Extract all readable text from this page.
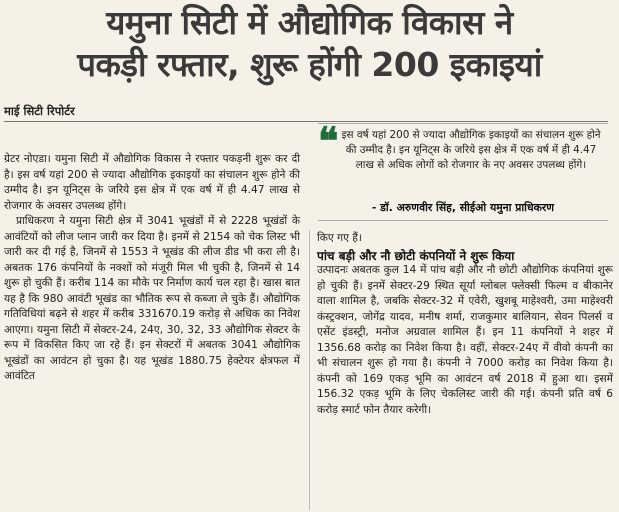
यमुना सिटी में औद्योगिक विकास ने
पकड़ी रफ्तार, शुरू होंगी 200 इकाइयां
माई सिटी रिपोर्टर
❝ इस वर्ष यहां 200 से ज्यादा औद्योगिक इकाइयों का संचालन शुरू होने की उम्मीद है। इन यूनिट्स के जरिये इस क्षेत्र में एक वर्ष में ही 4.47 लाख से अधिक लोगों को रोजगार के नए अवसर उपलब्ध होंगे।
- डॉ. अरुणवीर सिंह, सीईओ यमुना प्राधिकरण

ग्रेटर नोएडा। यमुना सिटी में औद्योगिक विकास ने रफ्तार पकड़नी शुरू कर दी है। इस वर्ष यहां 200 से ज्यादा औद्योगिक इकाइयों का संचालन शुरू होने की उम्मीद है। इन यूनिट्स के जरिये इस क्षेत्र में एक वर्ष में ही 4.47 लाख से रोजगार के अवसर उपलब्ध होंगे।

प्राधिकरण ने यमुना सिटी क्षेत्र में 3041 भूखंडों में से 2228 भूखंडों के आवंटियों को लीज प्लान जारी कर दिया है। इनमें से 2154 को चेक लिस्ट भी जारी कर दी गई है, जिनमें से 1553 ने भूखंड की लीज डीड भी करा ली है। अबतक 176 कंपनियों के नक्शों को मंजूरी मिल भी चुकी है, जिनमें से 14 शुरू हो चुकी हैं। करीब 114 का मौके पर निर्माण कार्य चल रहा है। खास बात यह है कि 980 आवंटी भूखंड का भौतिक रूप से कब्जा ले चुके हैं। औद्योगिक गतिविधियां बढ़ने से शहर में करीब 331670.19 करोड़ से अधिक का निवेश आएगा। यमुना सिटी में सेक्टर-24, 24ए, 30, 32, 33 औद्योगिक सेक्टर के रूप में विकसित किए जा रहे हैं। इन सेक्टरों में अबतक 3041 औद्योगिक भूखंडों का आवंटन हो चुका है। यह भूखंड 1880.75 हेक्टेयर क्षेत्रफल में आवंटित

किए गए हैं।

पांच बड़ी और नौ छोटी कंपनियों ने शुरू किया

उत्पादनः अबतक कुल 14 में पांच बड़ी और नौ छोटी औद्योगिक कंपनियां शुरू हो चुकी हैं। इनमें सेक्टर-29 स्थित सूर्या ग्लोबल फ्लेक्सी फिल्म व बीकानेर वाला शामिल है, जबकि सेक्टर-32 में एवेरी, खुशबू माहेश्वरी, उमा माहेश्वरी कंस्ट्रक्शन, जोगेंद्र यादव, मनीष शर्मा, राजकुमार बालियान, सेवन पिलर्स व एसेंट इंडस्ट्री, मनोज अग्रवाल शामिल हैं। इन 11 कंपनियों ने शहर में 1356.68 करोड़ का निवेश किया है। वहीं, सेक्टर-24ए में वीवो कंपनी का भी संचालन शुरू हो गया है। कंपनी ने 7000 करोड़ का निवेश किया है। कंपनी को 169 एकड़ भूमि का आवंटन वर्ष 2018 में हुआ था। इसमें 156.32 एकड़ भूमि के लिए चेकलिस्ट जारी की गई। कंपनी प्रति वर्ष 6 करोड़ स्मार्ट फोन तैयार करेगी।
